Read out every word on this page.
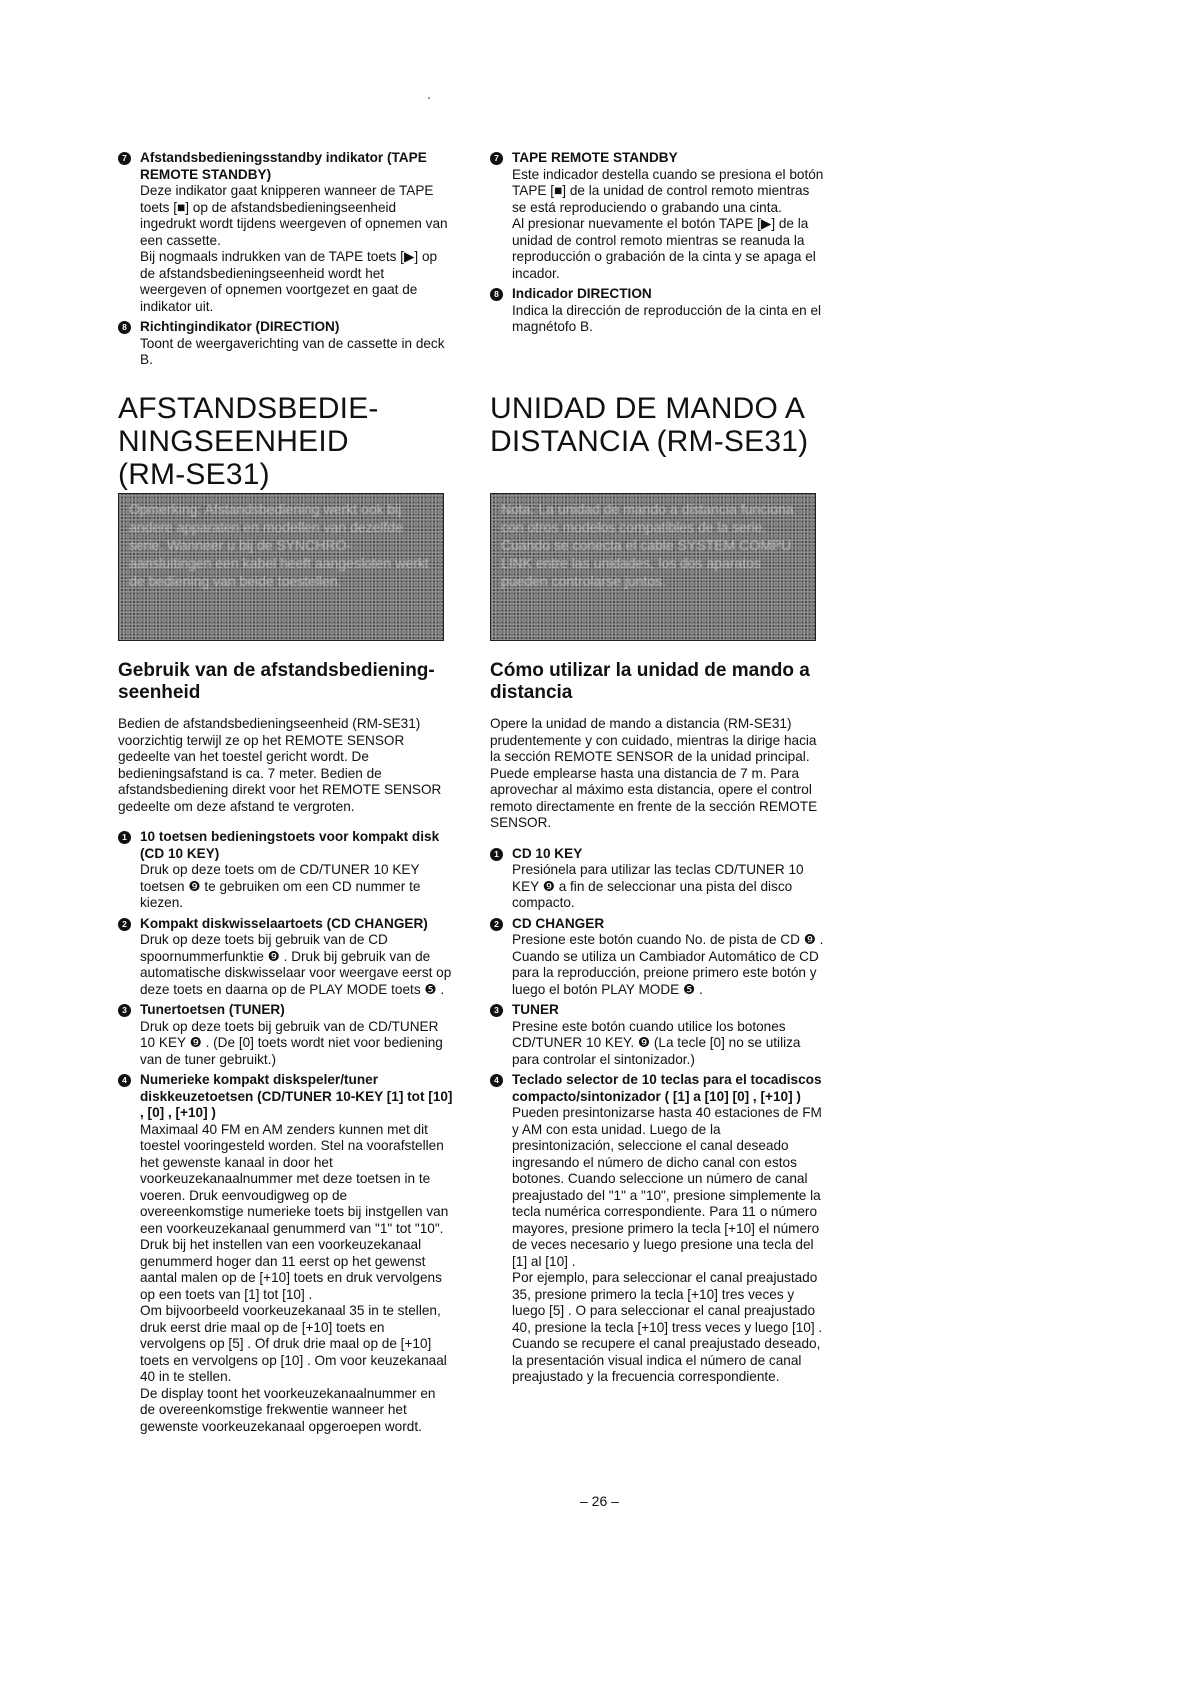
7 Afstandsbedieningsstandby indikator (TAPE REMOTE STANDBY)

Deze indikator gaat knipperen wanneer de TAPE toets [■] op de afstandsbedieningseenheid ingedrukt wordt tijdens weergeven of opnemen van een cassette.

Bij nogmaals indrukken van de TAPE toets [▶] op de afstandsbedieningseenheid wordt het weergeven of opnemen voortgezet en gaat de indikator uit.

8 Richtingindikator (DIRECTION)

Toont de weergaverichting van de cassette in deck B.

AFSTANDSBEDIE-
NINGSEENHEID
(RM-SE31)
Opmerking: Afstandsbediening werkt ook bij andere apparaten en modellen van dezelfde serie. Wanneer u bij de SYNCHRO-aansluitingen een kabel heeft aangesloten werkt de bediening van beide toestellen.
Gebruik van de afstandsbedieningseenheid

Bedien de afstandsbedieningseenheid (RM-SE31) voorzichtig terwijl ze op het REMOTE SENSOR gedeelte van het toestel gericht wordt. De bedieningsafstand is ca. 7 meter. Bedien de afstandsbediening direkt voor het REMOTE SENSOR gedeelte om deze afstand te vergroten.

1 10 toetsen bedieningstoets voor kompakt disk (CD 10 KEY)

Druk op deze toets om de CD/TUNER 10 KEY toetsen ❾ te gebruiken om een CD nummer te kiezen.

2 Kompakt diskwisselaartoets (CD CHANGER)

Druk op deze toets bij gebruik van de CD spoornummerfunktie ❾ . Druk bij gebruik van de automatische diskwisselaar voor weergave eerst op deze toets en daarna op de PLAY MODE toets ❺ .

3 Tunertoetsen (TUNER)

Druk op deze toets bij gebruik van de CD/TUNER 10 KEY ❾ . (De [0] toets wordt niet voor bediening van de tuner gebruikt.)

4 Numerieke kompakt diskspeler/tuner diskkeuzetoetsen (CD/TUNER 10-KEY [1] tot [10] , [0] , [+10] )

Maximaal 40 FM en AM zenders kunnen met dit toestel vooringesteld worden. Stel na voorafstellen het gewenste kanaal in door het voorkeuzekanaalnummer met deze toetsen in te voeren. Druk eenvoudigweg op de overeenkomstige numerieke toets bij instgellen van een voorkeuzekanaal genummerd van "1" tot "10". Druk bij het instellen van een voorkeuzekanaal genummerd hoger dan 11 eerst op het gewenst aantal malen op de [+10] toets en druk vervolgens op een toets van [1] tot [10] .

Om bijvoorbeeld voorkeuzekanaal 35 in te stellen, druk eerst drie maal op de [+10] toets en vervolgens op [5] . Of druk drie maal op de [+10] toets en vervolgens op [10] . Om voor keuzekanaal 40 in te stellen.

De display toont het voorkeuzekanaalnummer en de overeenkomstige frekwentie wanneer het gewenste voorkeuzekanaal opgeroepen wordt.

7 TAPE REMOTE STANDBY

Este indicador destella cuando se presiona el botón TAPE [■] de la unidad de control remoto mientras se está reproduciendo o grabando una cinta.

Al presionar nuevamente el botón TAPE [▶] de la unidad de control remoto mientras se reanuda la reproducción o grabación de la cinta y se apaga el incador.

8 Indicador DIRECTION

Indica la dirección de reproducción de la cinta en el magnétofo B.

UNIDAD DE MANDO A
DISTANCIA (RM-SE31)
Nota: La unidad de mando a distancia funciona con otros modelos compatibles de la serie. Cuando se conecta el cable SYSTEM COMPU LINK entre las unidades, los dos aparatos pueden controlarse juntos.
Cómo utilizar la unidad de mando a distancia

Opere la unidad de mando a distancia (RM-SE31) prudentemente y con cuidado, mientras la dirige hacia la sección REMOTE SENSOR de la unidad principal. Puede emplearse hasta una distancia de 7 m. Para aprovechar al máximo esta distancia, opere el control remoto directamente en frente de la sección REMOTE SENSOR.

1 CD 10 KEY

Presiónela para utilizar las teclas CD/TUNER 10 KEY ❾ a fin de seleccionar una pista del disco compacto.

2 CD CHANGER

Presione este botón cuando No. de pista de CD ❾ . Cuando se utiliza un Cambiador Automático de CD para la reproducción, preione primero este botón y luego el botón PLAY MODE ❺ .

3 TUNER

Presine este botón cuando utilice los botones CD/TUNER 10 KEY. ❾ (La tecle [0] no se utiliza para controlar el sintonizador.)

4 Teclado selector de 10 teclas para el tocadiscos compacto/sintonizador ( [1] a [10] [0] , [+10] )

Pueden presintonizarse hasta 40 estaciones de FM y AM con esta unidad. Luego de la presintonización, seleccione el canal deseado ingresando el número de dicho canal con estos botones. Cuando seleccione un número de canal preajustado del "1" a "10", presione simplemente la tecla numérica correspondiente. Para 11 o número mayores, presione primero la tecla [+10] el número de veces necesario y luego presione una tecla del [1] al [10] .

Por ejemplo, para seleccionar el canal preajustado 35, presione primero la tecla [+10] tres veces y luego [5] . O para seleccionar el canal preajustado 40, presione la tecla [+10] tress veces y luego [10] . Cuando se recupere el canal preajustado deseado, la presentación visual indica el número de canal preajustado y la frecuencia correspondiente.

– 26 –
